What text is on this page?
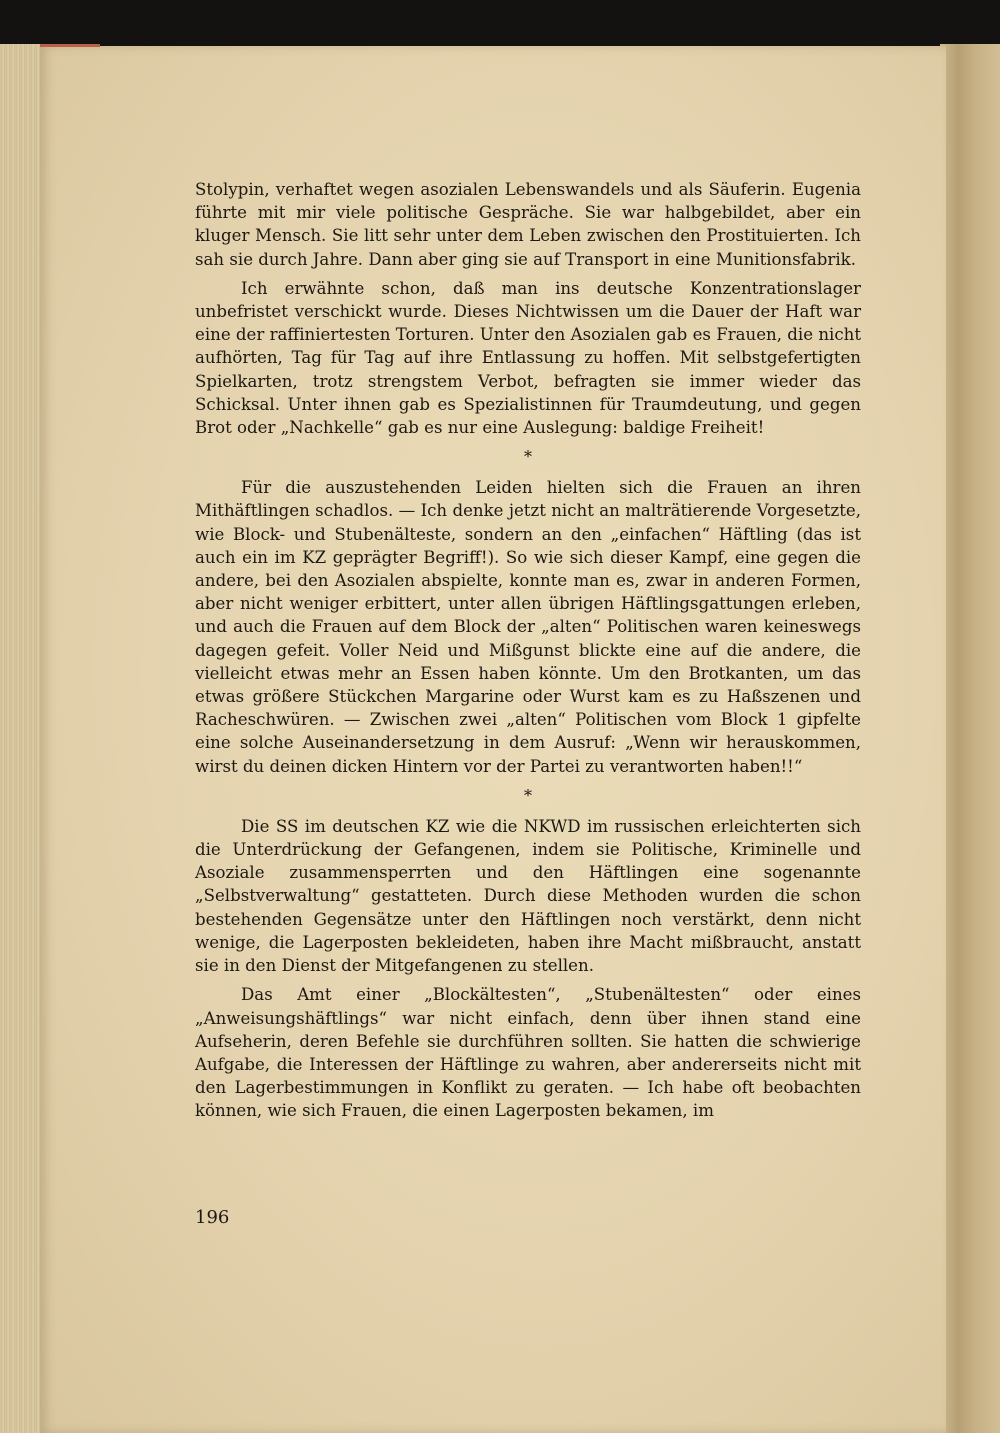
Stolypin, verhaftet wegen asozialen Lebenswandels und als Säuferin. Eugenia führte mit mir viele politische Gespräche. Sie war halbgebildet, aber ein kluger Mensch. Sie litt sehr unter dem Leben zwischen den Prostituierten. Ich sah sie durch Jahre. Dann aber ging sie auf Transport in eine Munitionsfabrik.

Ich erwähnte schon, daß man ins deutsche Konzentrationslager unbefristet verschickt wurde. Dieses Nichtwissen um die Dauer der Haft war eine der raffiniertesten Torturen. Unter den Asozialen gab es Frauen, die nicht aufhörten, Tag für Tag auf ihre Entlassung zu hoffen. Mit selbstgefertigten Spielkarten, trotz strengstem Verbot, befragten sie immer wieder das Schicksal. Unter ihnen gab es Spezialistinnen für Traumdeutung, und gegen Brot oder „Nachkelle“ gab es nur eine Auslegung: baldige Freiheit!

*

Für die auszustehenden Leiden hielten sich die Frauen an ihren Mithäftlingen schadlos. — Ich denke jetzt nicht an malträtierende Vorgesetzte, wie Block- und Stubenälteste, sondern an den „einfachen“ Häftling (das ist auch ein im KZ geprägter Begriff!). So wie sich dieser Kampf, eine gegen die andere, bei den Asozialen abspielte, konnte man es, zwar in anderen Formen, aber nicht weniger erbittert, unter allen übrigen Häftlingsgattungen erleben, und auch die Frauen auf dem Block der „alten“ Politischen waren keineswegs dagegen gefeit. Voller Neid und Mißgunst blickte eine auf die andere, die vielleicht etwas mehr an Essen haben könnte. Um den Brotkanten, um das etwas größere Stückchen Margarine oder Wurst kam es zu Haßszenen und Racheschwüren. — Zwischen zwei „alten“ Politischen vom Block 1 gipfelte eine solche Auseinandersetzung in dem Ausruf: „Wenn wir herauskommen, wirst du deinen dicken Hintern vor der Partei zu verantworten haben!!“

*

Die SS im deutschen KZ wie die NKWD im russischen erleichterten sich die Unterdrückung der Gefangenen, indem sie Politische, Kriminelle und Asoziale zusammensperrten und den Häftlingen eine sogenannte „Selbstverwaltung“ gestatteten. Durch diese Methoden wurden die schon bestehenden Gegensätze unter den Häftlingen noch verstärkt, denn nicht wenige, die Lagerposten bekleideten, haben ihre Macht mißbraucht, anstatt sie in den Dienst der Mitgefangenen zu stellen.

Das Amt einer „Blockältesten“, „Stubenältesten“ oder eines „Anweisungshäftlings“ war nicht einfach, denn über ihnen stand eine Aufseherin, deren Befehle sie durchführen sollten. Sie hatten die schwierige Aufgabe, die Interessen der Häftlinge zu wahren, aber andererseits nicht mit den Lagerbestimmungen in Konflikt zu geraten. — Ich habe oft beobachten können, wie sich Frauen, die einen Lagerposten bekamen, im

196
